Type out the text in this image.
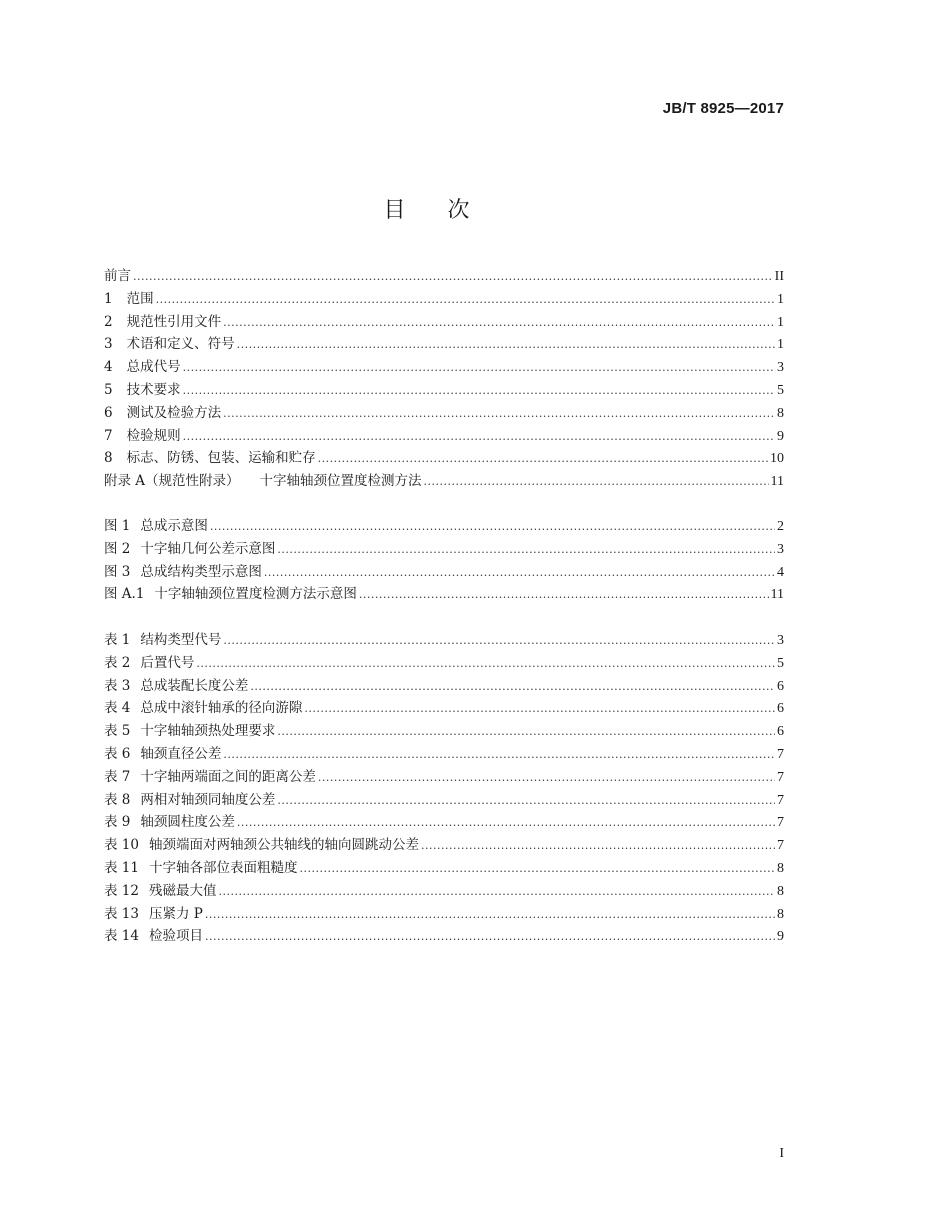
JB/T 8925—2017
目次
前言 .....	II
1 范围 .....	1
2 规范性引用文件 .....	1
3 术语和定义、符号 .....	1
4 总成代号 .....	3
5 技术要求 .....	5
6 测试及检验方法 .....	8
7 检验规则 .....	9
8 标志、防锈、包装、运输和贮存 .....	10
附录 A（规范性附录） 十字轴轴颈位置度检测方法 .....	11
图 1 总成示意图 .....	2
图 2 十字轴几何公差示意图 .....	3
图 3 总成结构类型示意图 .....	4
图 A.1 十字轴轴颈位置度检测方法示意图 .....	11
表 1 结构类型代号 .....	3
表 2 后置代号 .....	5
表 3 总成装配长度公差 .....	6
表 4 总成中滚针轴承的径向游隙 .....	6
表 5 十字轴轴颈热处理要求 .....	6
表 6 轴颈直径公差 .....	7
表 7 十字轴两端面之间的距离公差 .....	7
表 8 两相对轴颈同轴度公差 .....	7
表 9 轴颈圆柱度公差 .....	7
表 10 轴颈端面对两轴颈公共轴线的轴向圆跳动公差 .....	7
表 11 十字轴各部位表面粗糙度 .....	8
表 12 残磁最大值 .....	8
表 13 压紧力 P .....	8
表 14 检验项目 .....	9
I
